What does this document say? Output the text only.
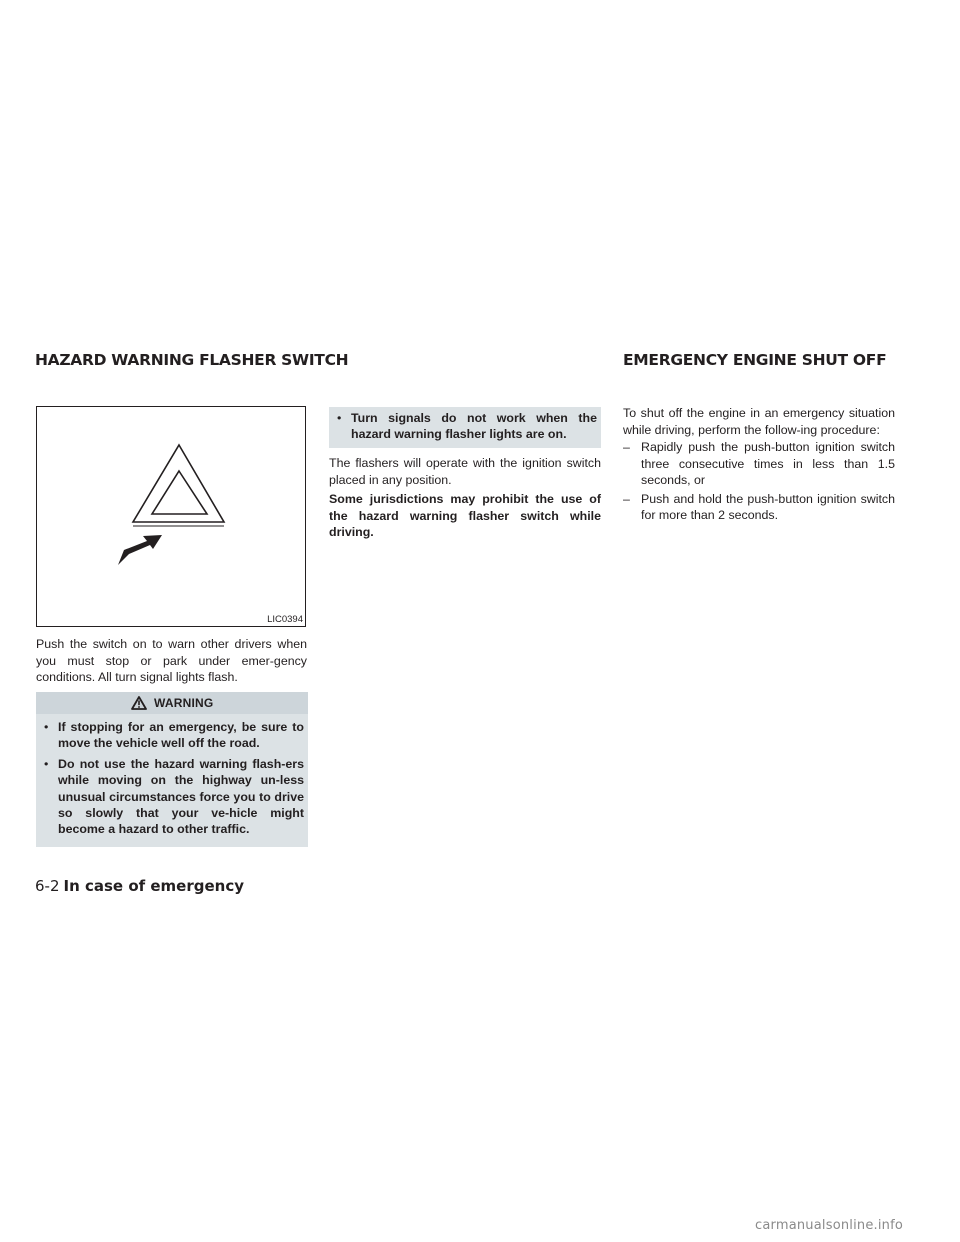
HAZARD WARNING FLASHER SWITCH	EMERGENCY ENGINE SHUT OFF
LIC0394

Push the switch on to warn other drivers when you must stop or park under emer-gency conditions. All turn signal lights flash.

WARNING
• If stopping for an emergency, be sure to move the vehicle well off the road.
• Do not use the hazard warning flash-ers while moving on the highway un-less unusual circumstances force you to drive so slowly that your ve-hicle might become a hazard to other traffic.
• Turn signals do not work when the hazard warning flasher lights are on.

The flashers will operate with the ignition switch placed in any position.

Some jurisdictions may prohibit the use of the hazard warning flasher switch while driving.

To shut off the engine in an emergency situation while driving, perform the follow-ing procedure:

– Rapidly push the push-button ignition switch three consecutive times in less than 1.5 seconds, or
– Push and hold the push-button ignition switch for more than 2 seconds.

6-2 In case of emergency

carmanualsonline.info
